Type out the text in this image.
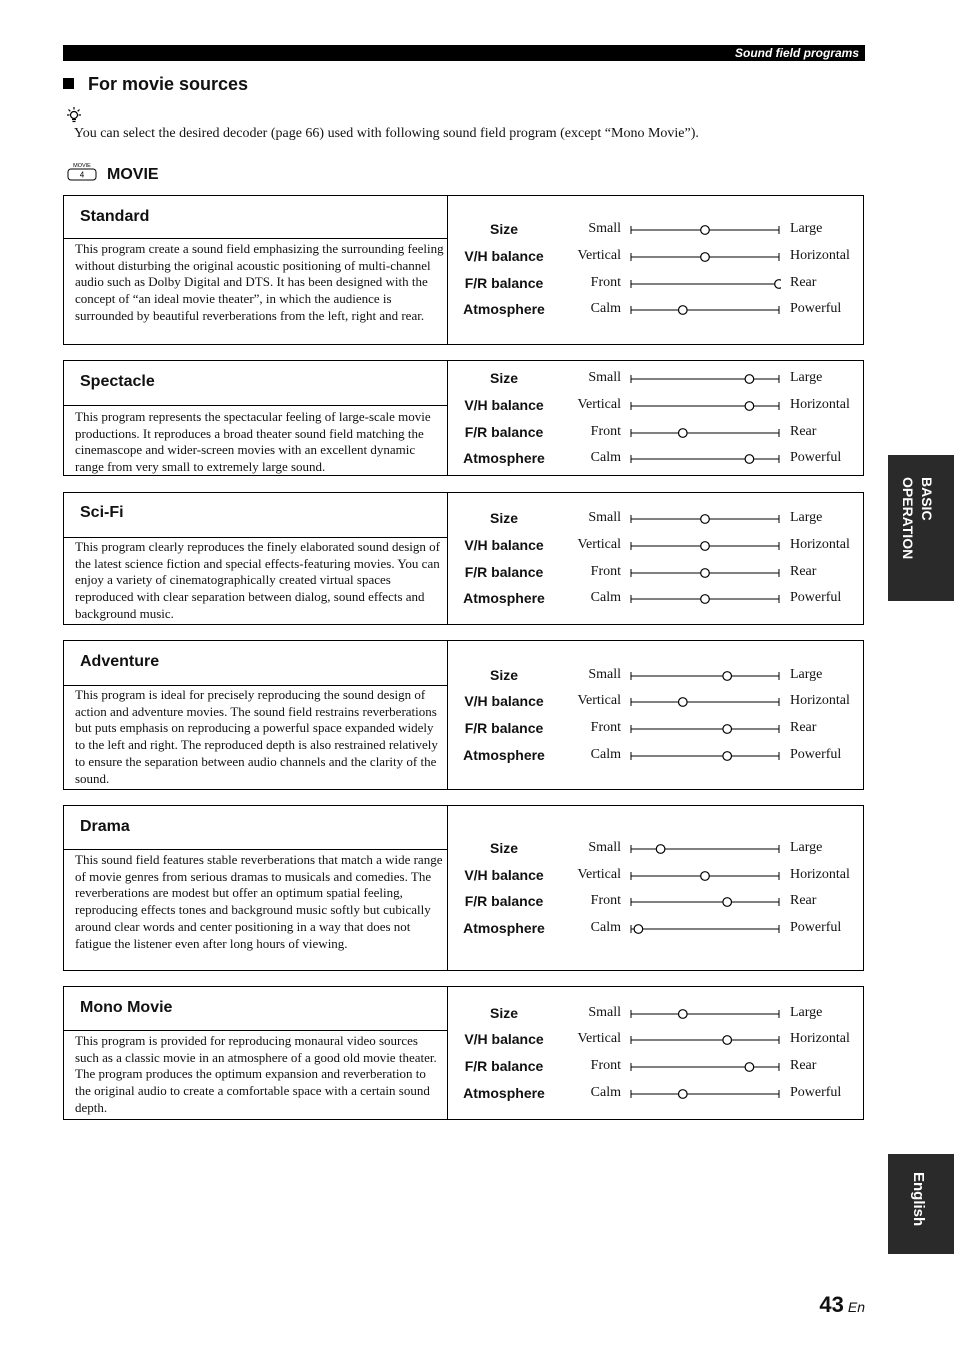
Sound field programs
For movie sources
You can select the desired decoder (page 66) used with following sound field program (except “Mono Movie”).
MOVIE
4 MOVIE
Standard
This program create a sound field emphasizing the surrounding feeling without disturbing the original acoustic positioning of multi-channel audio such as Dolby Digital and DTS. It has been designed with the concept of “an ideal movie theater”, in which the audience is surrounded by beautiful reverberations from the left, right and rear.
Size	Small	Large
V/H balance	Vertical	Horizontal
F/R balance	Front	Rear
Atmosphere	Calm	Powerful
Spectacle
This program represents the spectacular feeling of large-scale movie productions. It reproduces a broad theater sound field matching the cinemascope and wider-screen movies with an excellent dynamic range from very small to extremely large sound.
Size	Small	Large
V/H balance	Vertical	Horizontal
F/R balance	Front	Rear
Atmosphere	Calm	Powerful
Sci-Fi
This program clearly reproduces the finely elaborated sound design of the latest science fiction and special effects-featuring movies. You can enjoy a variety of cinematographically created virtual spaces reproduced with clear separation between dialog, sound effects and background music.
Size	Small	Large
V/H balance	Vertical	Horizontal
F/R balance	Front	Rear
Atmosphere	Calm	Powerful
Adventure
This program is ideal for precisely reproducing the sound design of action and adventure movies. The sound field restrains reverberations but puts emphasis on reproducing a powerful space expanded widely to the left and right. The reproduced depth is also restrained relatively to ensure the separation between audio channels and the clarity of the sound.
Size	Small	Large
V/H balance	Vertical	Horizontal
F/R balance	Front	Rear
Atmosphere	Calm	Powerful
Drama
This sound field features stable reverberations that match a wide range of movie genres from serious dramas to musicals and comedies. The reverberations are modest but offer an optimum spatial feeling, reproducing effects tones and background music softly but cubically around clear words and center positioning in a way that does not fatigue the listener even after long hours of viewing.
Size	Small	Large
V/H balance	Vertical	Horizontal
F/R balance	Front	Rear
Atmosphere	Calm	Powerful
Mono Movie
This program is provided for reproducing monaural video sources such as a classic movie in an atmosphere of a good old movie theater. The program produces the optimum expansion and reverberation to the original audio to create a comfortable space with a certain sound depth.
Size	Small	Large
V/H balance	Vertical	Horizontal
F/R balance	Front	Rear
Atmosphere	Calm	Powerful
BASIC OPERATION
English
43 En
